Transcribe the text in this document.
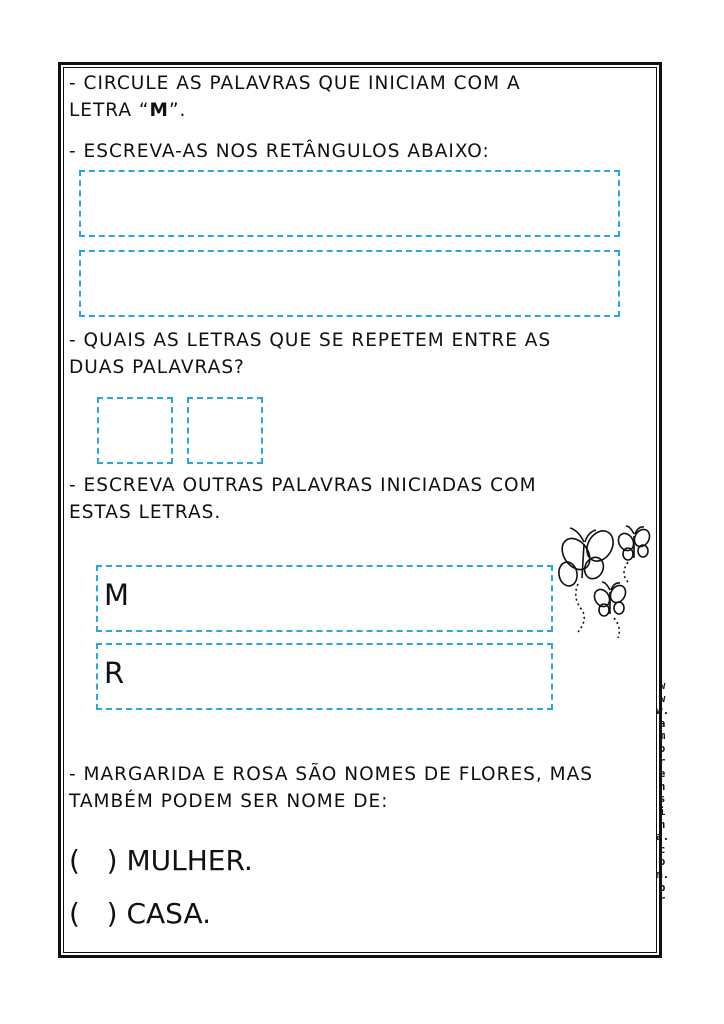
- CIRCULE AS PALAVRAS QUE INICIAM COM A
LETRA “M”.
- ESCREVA-AS NOS RETÂNGULOS ABAIXO:
- QUAIS AS LETRAS QUE SE REPETEM ENTRE AS
DUAS PALAVRAS?
- ESCREVA OUTRAS PALAVRAS INICIADAS COM
ESTAS LETRAS.
M
R
- MARGARIDA E ROSA SÃO NOMES DE FLORES, MAS
TAMBÉM PODEM SER NOME DE:
(   ) MULHER.
(   ) CASA.
www.amorensina.com.br
